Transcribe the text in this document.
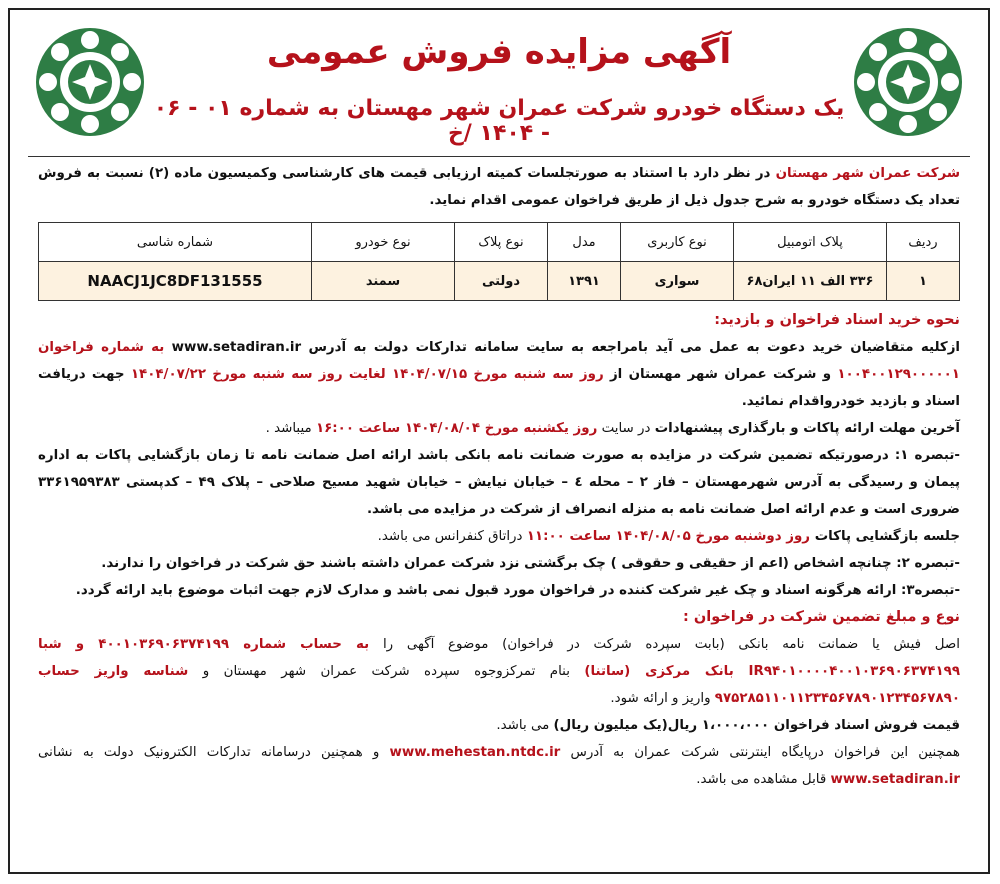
آگهی مزایده فروش عمومی
یک دستگاه خودرو شرکت عمران شهر مهستان به شماره ۰۱ - ۰۶ - ۱۴۰۴ /خ

شرکت عمران شهر مهستان در نظر دارد با استناد به صورتجلسات کمیته ارزیابی قیمت های کارشناسی وکمیسیون ماده (۲) نسبت به فروش تعداد یک دستگاه خودرو به شرح جدول ذیل از طریق فراخوان عمومی اقدام نماید.

ردیف	پلاک اتومبیل	نوع کاربری	مدل	نوع پلاک	نوع خودرو	شماره شاسی
۱	۳۳۶ الف ۱۱ ایران۶۸	سواری	۱۳۹۱	دولتی	سمند	NAACJ1JC8DF131555
نحوه خرید اسناد فراخوان و بازدید:

ازکلیه متقاضیان خرید دعوت به عمل می آید بامراجعه به سایت سامانه تدارکات دولت به آدرس www.setadiran.ir به شماره فراخوان ۱۰۰۴۰۰۱۲۹۰۰۰۰۰۱ و شرکت عمران شهر مهستان از روز سه شنبه مورخ ۱۴۰۴/۰۷/۱۵ لغایت روز سه شنبه مورخ ۱۴۰۴/۰۷/۲۲ جهت دریافت اسناد و بازدید خودرواقدام نمائید.

آخرین مهلت ارائه پاکات و بارگذاری پیشنهادات در سایت روز یکشنبه مورخ ۱۴۰۴/۰۸/۰۴ ساعت ۱۶:۰۰ میباشد .

-تبصره ۱: درصورتیکه تضمین شرکت در مزایده به صورت ضمانت نامه بانکی باشد ارائه اصل ضمانت نامه تا زمان بازگشایی پاکات به اداره پیمان و رسیدگی به آدرس شهرمهستان – فاز ۲ – محله ٤ – خیابان نیایش – خیابان شهید مسیح صلاحی – پلاک ۴۹ – کدپستی ۳۳۶۱۹۵۹۳۸۳ ضروری است و عدم ارائه اصل ضمانت نامه به منزله انصراف از شرکت در مزایده می باشد.

جلسه بازگشایی پاکات روز دوشنبه مورخ ۱۴۰۴/۰۸/۰۵ ساعت ۱۱:۰۰ دراتاق کنفرانس می باشد.

-تبصره ۲: چنانچه اشخاص (اعم از حقیقی و حقوقی ) چک برگشتی نزد شرکت عمران داشته باشند حق شرکت در فراخوان را ندارند.

-تبصره۳: ارائه هرگونه اسناد و چک غیر شرکت کننده در فراخوان مورد قبول نمی باشد و مدارک لازم جهت اثبات موضوع باید ارائه گردد.

نوع و مبلغ تضمین شرکت در فراخوان :

اصل فیش یا ضمانت نامه بانکی (بابت سپرده شرکت در فراخوان) موضوع آگهی را به حساب شماره ۴۰۰۱۰۳۶۹۰۶۳۷۴۱۹۹ و شبا IR۹۴۰۱۰۰۰۰۴۰۰۱۰۳۶۹۰۶۳۷۴۱۹۹ بانک مرکزی (ساتنا) بنام تمرکزوجوه سپرده شرکت عمران شهر مهستان و شناسه واریز حساب ۹۷۵۲۸۵۱۱۰۱۱۲۳۴۵۶۷۸۹۰۱۲۳۴۵۶۷۸۹۰ واریز و ارائه شود.

قیمت فروش اسناد فراخوان ۱،۰۰۰،۰۰۰ ریال(یک میلیون ریال) می باشد.

همچنین این فراخوان درپایگاه اینترنتی شرکت عمران به آدرس www.mehestan.ntdc.ir و همچنین درسامانه تدارکات الکترونیک دولت به نشانی www.setadiran.ir قابل مشاهده می باشد.
